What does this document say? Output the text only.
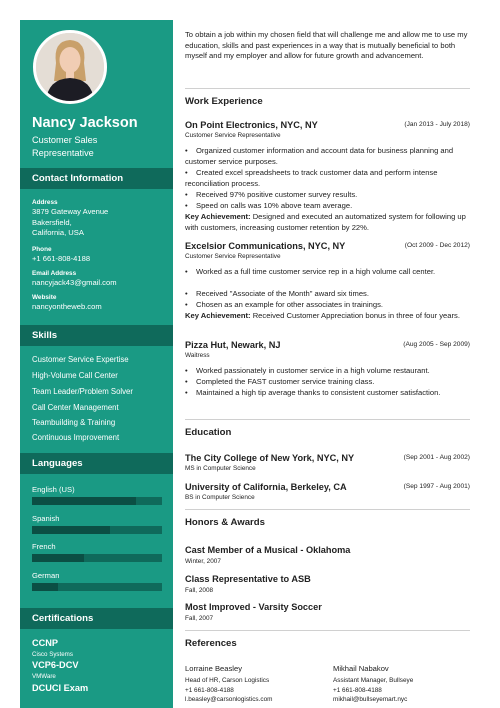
Nancy Jackson
Customer Sales Representative
Contact Information
Address
3879 Gateway Avenue
Bakersfield,
California, USA
Phone
+1 661-808-4188
Email Address
nancyjack43@gmail.com
Website
nancyontheweb.com
Skills
Customer Service Expertise
High-Volume Call Center
Team Leader/Problem Solver
Call Center Management
Teambuilding & Training
Continuous Improvement
Languages
English (US)
Spanish
French
German
Certifications
CCNP
Cisco Systems
VCP6-DCV
VMWare
DCUCI Exam
To obtain a job within my chosen field that will challenge me and allow me to use my education, skills and past experiences in a way that is mutually beneficial to both myself and my employer and allow for future growth and advancement.
Work Experience
On Point Electronics, NYC, NY	(Jan 2013 - July 2018)
Customer Service Representative
• Organized customer information and account data for business planning and customer service purposes.
• Created excel spreadsheets to track customer data and perform intense reconciliation process.
• Received 97% positive customer survey results.
• Speed on calls was 10% above team average.
Key Achievement: Designed and executed an automatized system for following up with customers, increasing customer retention by 22%.
Excelsior Communications, NYC, NY	(Oct 2009 - Dec 2012)
Customer Service Representative
• Worked as a full time customer service rep in a high volume call center.
• Received "Associate of the Month" award six times.
• Chosen as an example for other associates in trainings.
Key Achievement: Received Customer Appreciation bonus in three of four years.
Pizza Hut, Newark, NJ	(Aug 2005 - Sep 2009)
Waitress
• Worked passionately in customer service in a high volume restaurant.
• Completed the FAST customer service training class.
• Maintained a high tip average thanks to consistent customer satisfaction.
Education
The City College of New York, NYC, NY	(Sep 2001 - Aug 2002)
MS in Computer Science
University of California, Berkeley, CA	(Sep 1997 - Aug 2001)
BS in Computer Science
Honors & Awards
Cast Member of a Musical - Oklahoma
Winter, 2007
Class Representative to ASB
Fall, 2008
Most Improved - Varsity Soccer
Fall, 2007
References
Lorraine Beasley
Head of HR, Carson Logistics
+1 661-808-4188
l.beasley@carsonlogistics.com
Mikhail Nabakov
Assistant Manager, Bullseye
+1 661-808-4188
mikhail@bullseyemart.nyc
